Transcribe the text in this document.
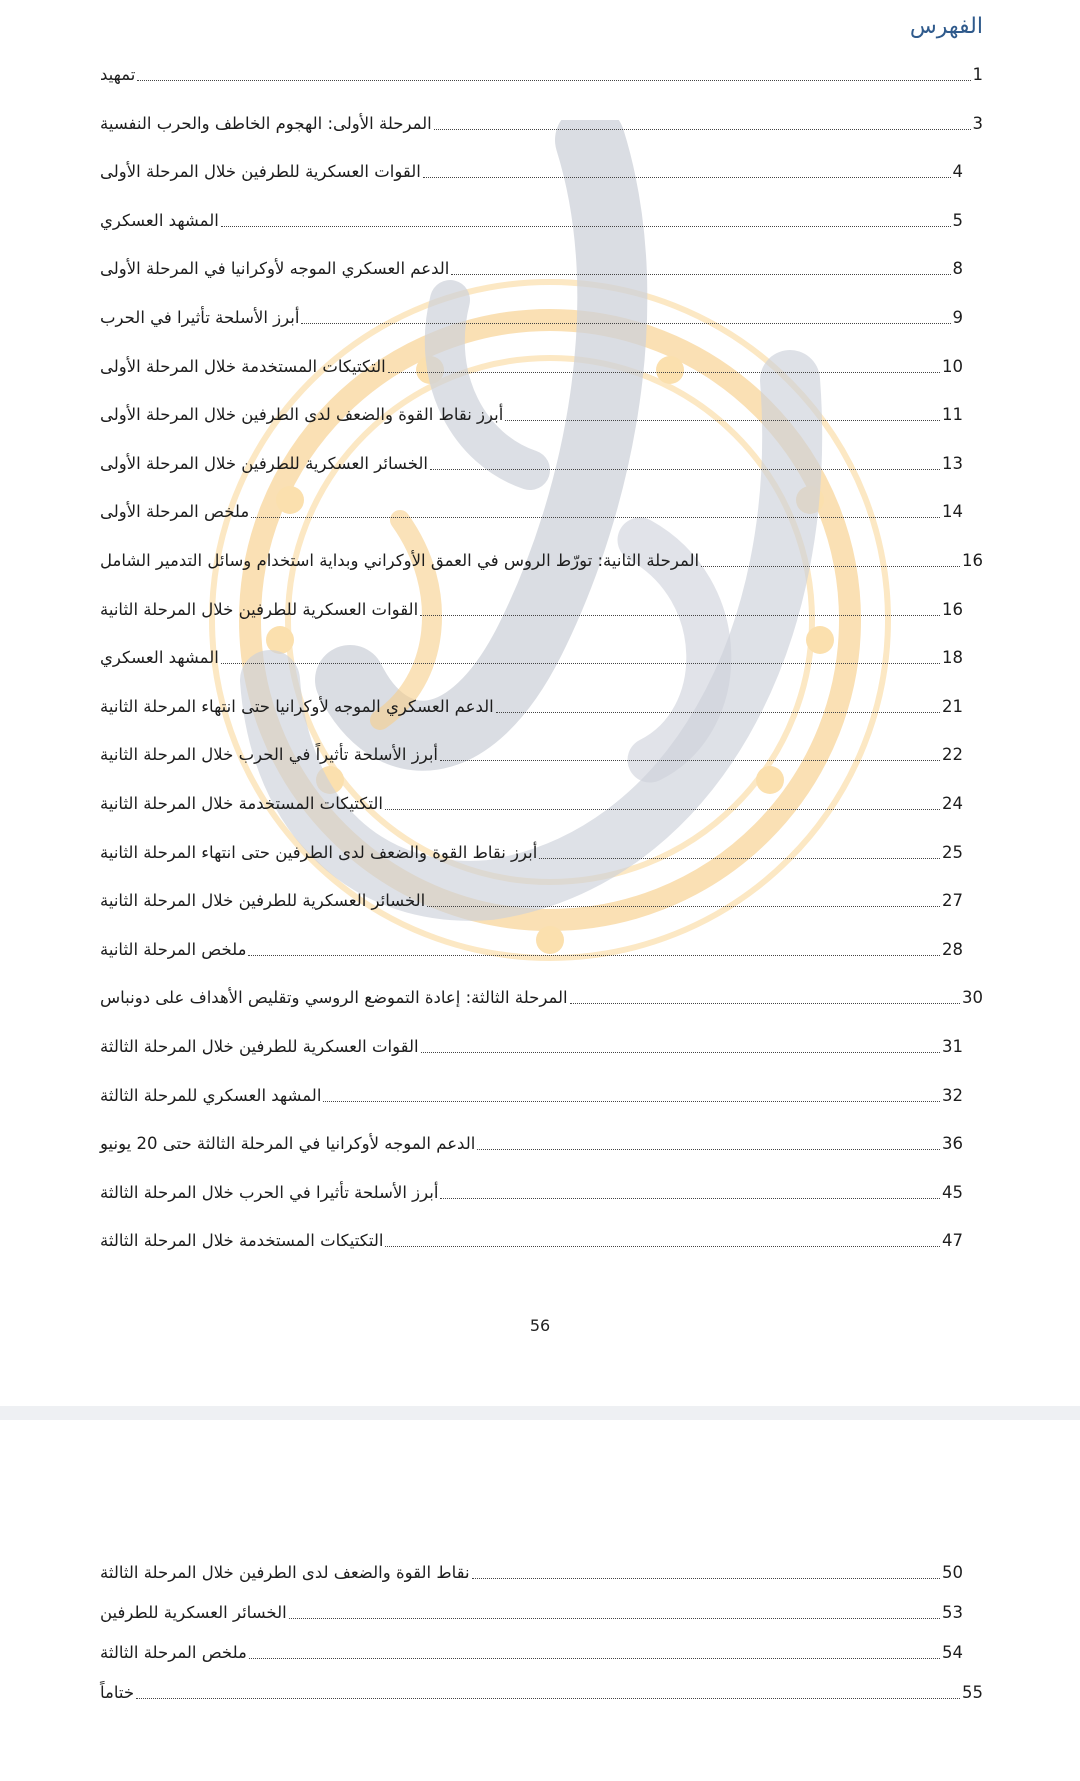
الفهرس
تمهيد	1
المرحلة الأولى: الهجوم الخاطف والحرب النفسية	3
القوات العسكرية للطرفين خلال المرحلة الأولى	4
المشهد العسكري	5
الدعم العسكري الموجه لأوكرانيا في المرحلة الأولى	8
أبرز الأسلحة تأثيرا في الحرب	9
التكتيكات المستخدمة خلال المرحلة الأولى	10
أبرز نقاط القوة والضعف لدى الطرفين خلال المرحلة الأولى	11
الخسائر العسكرية للطرفين خلال المرحلة الأولى	13
ملخص المرحلة الأولى	14
المرحلة الثانية: تورّط الروس في العمق الأوكراني وبداية استخدام وسائل التدمير الشامل	16
القوات العسكرية للطرفين خلال المرحلة الثانية	16
المشهد العسكري	18
الدعم العسكري الموجه لأوكرانيا حتى انتهاء المرحلة الثانية	21
أبرز الأسلحة تأثيراً في الحرب خلال المرحلة الثانية	22
التكتيكات المستخدمة خلال المرحلة الثانية	24
أبرز نقاط القوة والضعف لدى الطرفين حتى انتهاء المرحلة الثانية	25
الخسائر العسكرية للطرفين خلال المرحلة الثانية	27
ملخص المرحلة الثانية	28
المرحلة الثالثة: إعادة التموضع الروسي وتقليص الأهداف على دونباس	30
القوات العسكرية للطرفين خلال المرحلة الثالثة	31
المشهد العسكري للمرحلة الثالثة	32
الدعم الموجه لأوكرانيا في المرحلة الثالثة حتى 20 يونيو	36
أبرز الأسلحة تأثيرا في الحرب خلال المرحلة الثالثة	45
التكتيكات المستخدمة خلال المرحلة الثالثة	47
56
نقاط القوة والضعف لدى الطرفين خلال المرحلة الثالثة	50
الخسائر العسكرية للطرفين	53
ملخص المرحلة الثالثة	54
ختاماً	55
